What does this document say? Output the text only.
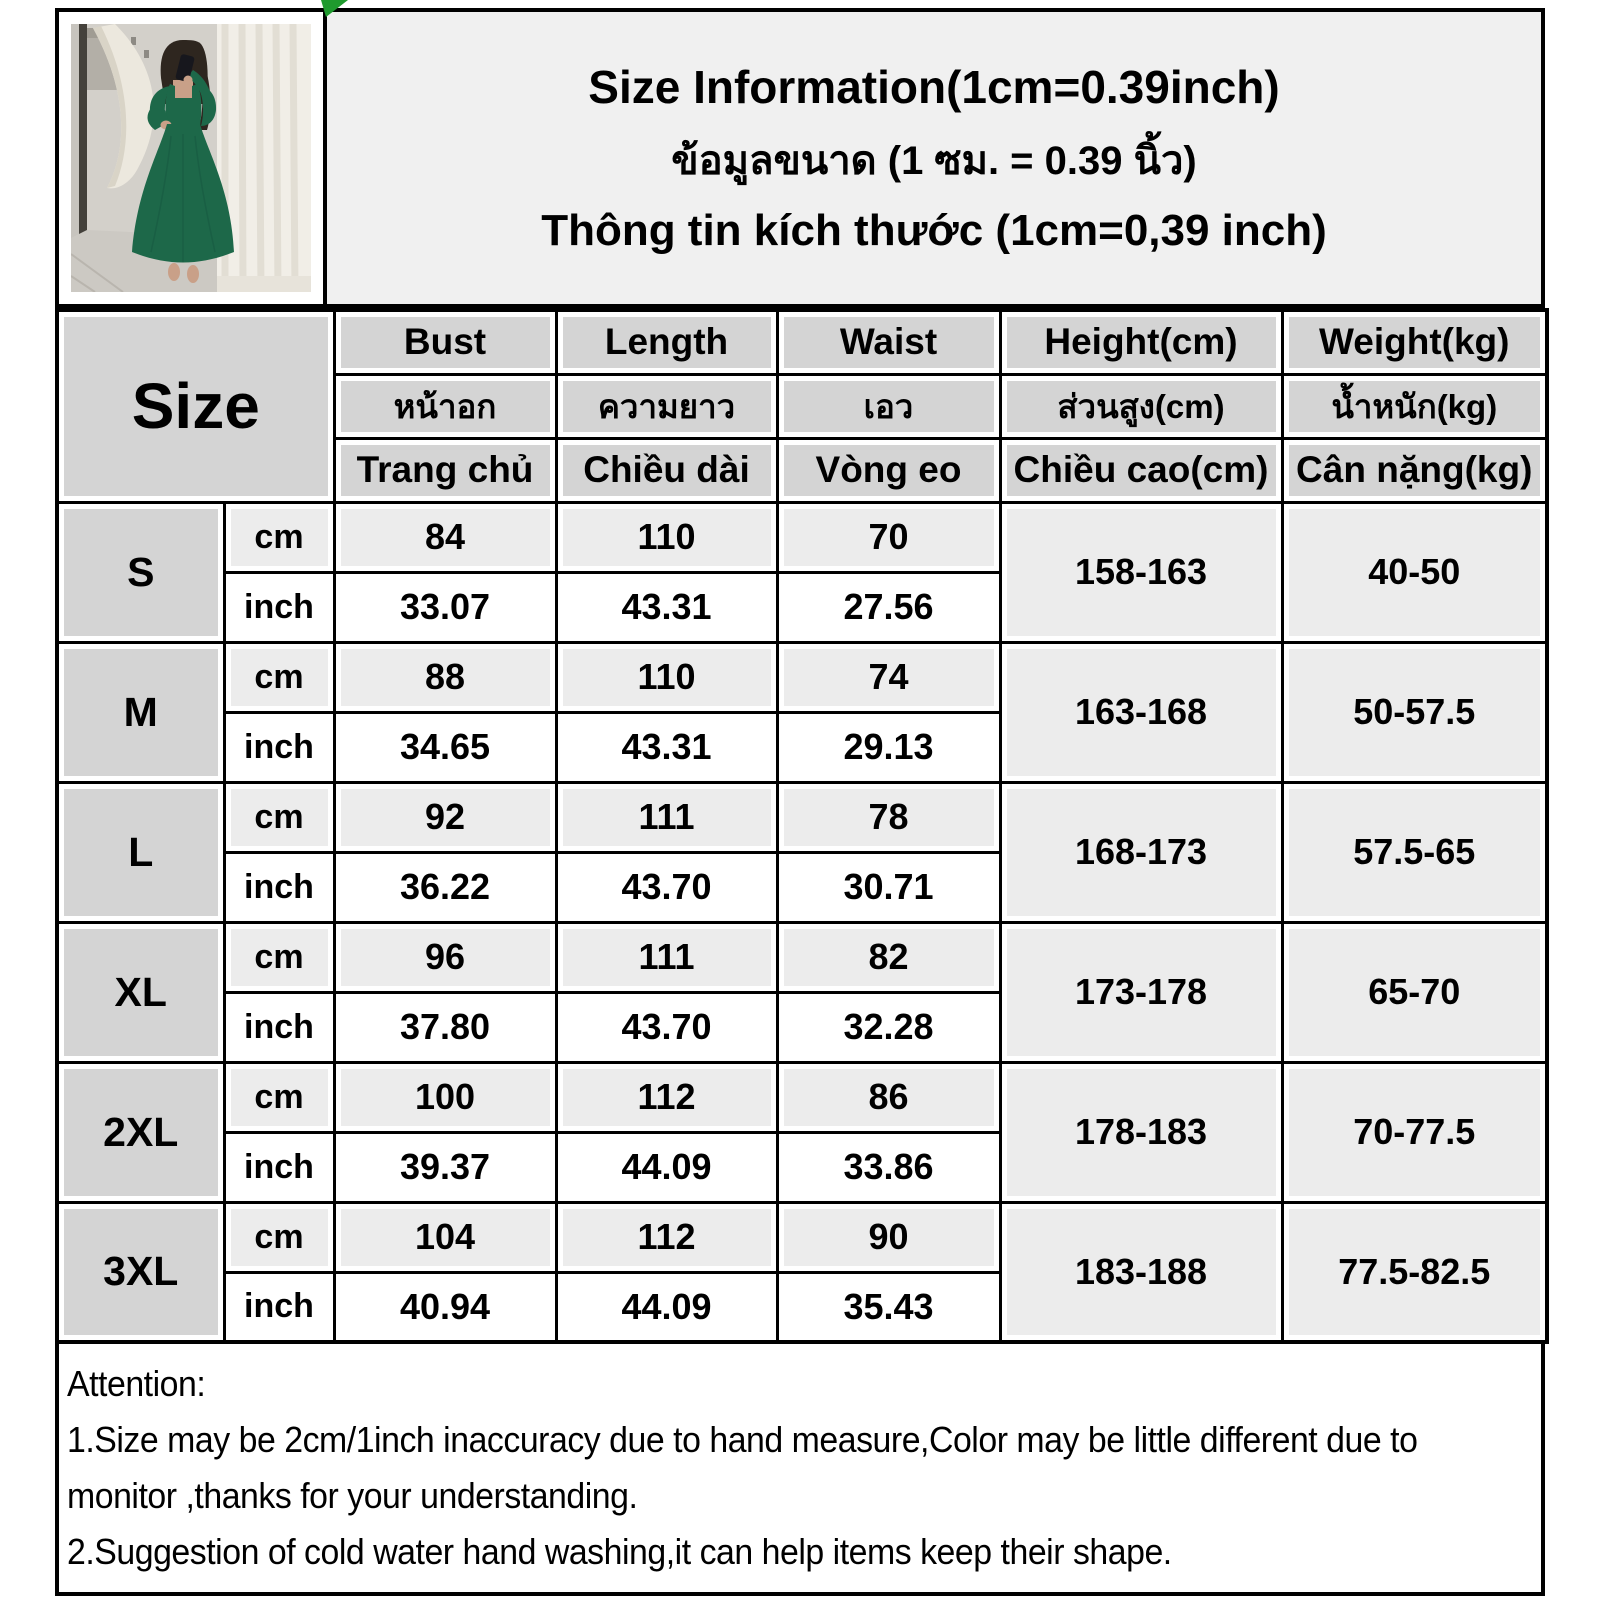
Size Information(1cm=0.39inch)
ข้อมูลขนาด (1 ซม. = 0.39 นิ้ว)
Thông tin kích thước (1cm=0,39 inch)
Size		Bust	Length	Waist	Height(cm)	Weight(kg)
		หน้าอก	ความยาว	เอว	ส่วนสูง(cm)	น้ำหนัก(kg)
		Trang chủ	Chiều dài	Vòng eo	Chiều cao(cm)	Cân nặng(kg)
S	cm	84	110	70	158-163	40-50
	inch	33.07	43.31	27.56		
M	cm	88	110	74	163-168	50-57.5
	inch	34.65	43.31	29.13		
L	cm	92	111	78	168-173	57.5-65
	inch	36.22	43.70	30.71		
XL	cm	96	111	82	173-178	65-70
	inch	37.80	43.70	32.28		
2XL	cm	100	112	86	178-183	70-77.5
	inch	39.37	44.09	33.86		
3XL	cm	104	112	90	183-188	77.5-82.5
	inch	40.94	44.09	35.43		
Attention:
1.Size may be 2cm/1inch inaccuracy due to hand measure,Color may be little different due to
monitor ,thanks for your understanding.
2.Suggestion of cold water hand washing,it can help items keep their shape.
